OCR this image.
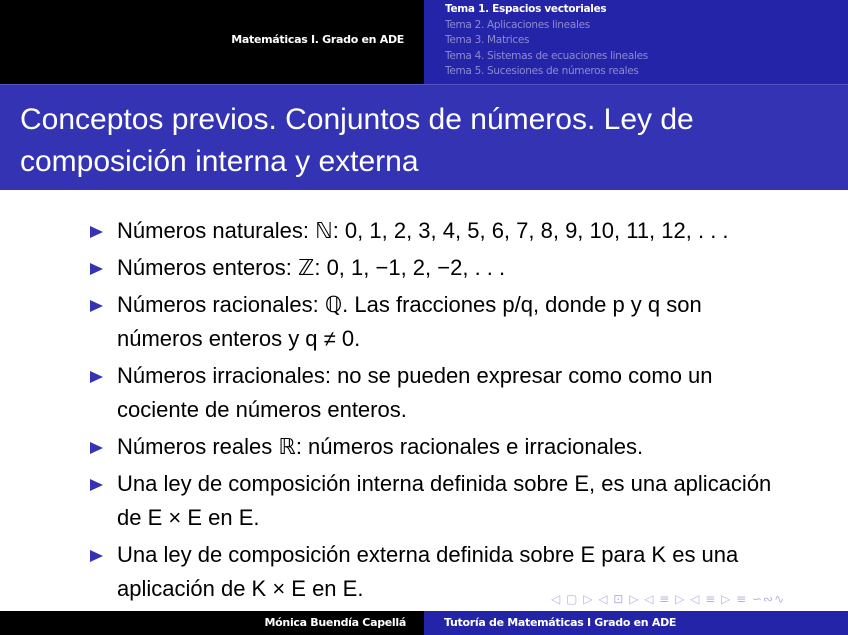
Matemáticas I. Grado en ADE
Tema 1. Espacios vectoriales
Tema 2. Aplicaciones lineales
Tema 3. Matrices
Tema 4. Sistemas de ecuaciones lineales
Tema 5. Sucesiones de números reales
Conceptos previos. Conjuntos de números. Ley de composición interna y externa
Números naturales: ℕ: 0, 1, 2, 3, 4, 5, 6, 7, 8, 9, 10, 11, 12, . . .
Números enteros: ℤ: 0, 1, −1, 2, −2, . . .
Números racionales: ℚ. Las fracciones p/q, donde p y q son números enteros y q ≠ 0.
Números irracionales: no se pueden expresar como como un cociente de números enteros.
Números reales ℝ: números racionales e irracionales.
Una ley de composición interna definida sobre E, es una aplicación de E × E en E.
Una ley de composición externa definida sobre E para K es una aplicación de K × E en E.	◁ ▢ ▷ ◁ ⊡ ▷ ◁ ≡ ▷ ◁ ≡ ▷ ≡ ∽∾∿
Mónica Buendía Capellá	Tutoría de Matemáticas I Grado en ADE
